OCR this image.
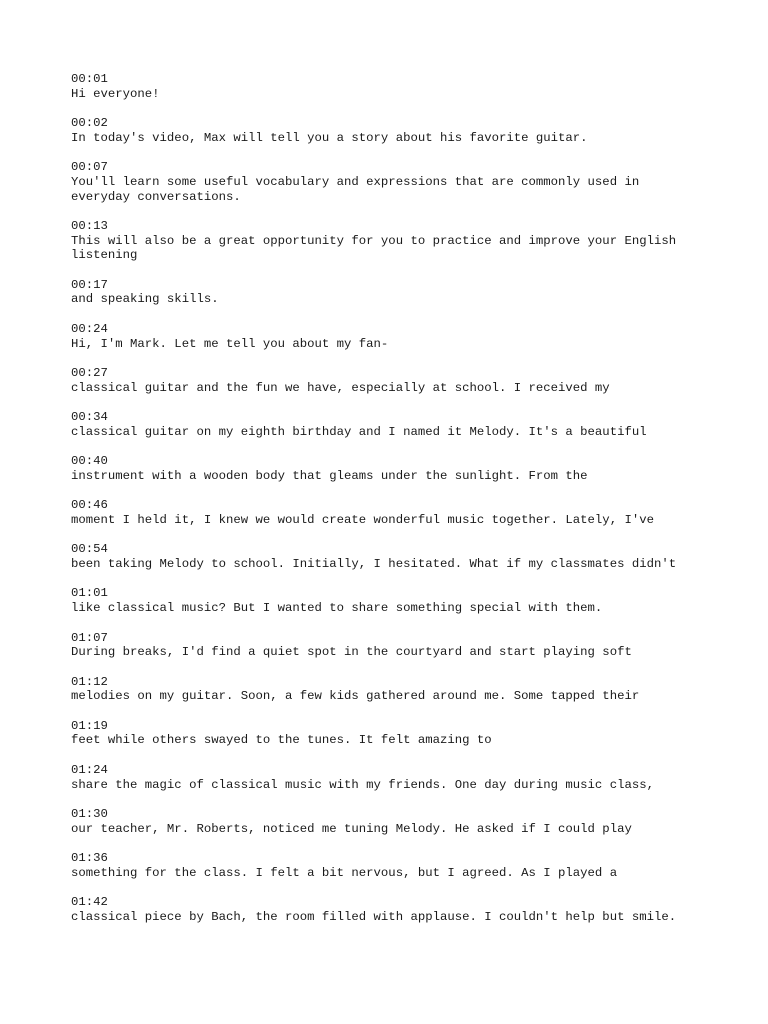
00:01
Hi everyone!
00:02
In today's video, Max will tell you a story about his favorite guitar.
00:07
You'll learn some useful vocabulary and expressions that are commonly used in
everyday conversations.
00:13
This will also be a great opportunity for you to practice and improve your English
listening
00:17
and speaking skills.
00:24
Hi, I'm Mark. Let me tell you about my fan-
00:27
classical guitar and the fun we have, especially at school. I received my
00:34
classical guitar on my eighth birthday and I named it Melody. It's a beautiful
00:40
instrument with a wooden body that gleams under the sunlight. From the
00:46
moment I held it, I knew we would create wonderful music together. Lately, I've
00:54
been taking Melody to school. Initially, I hesitated. What if my classmates didn't
01:01
like classical music? But I wanted to share something special with them.
01:07
During breaks, I'd find a quiet spot in the courtyard and start playing soft
01:12
melodies on my guitar. Soon, a few kids gathered around me. Some tapped their
01:19
feet while others swayed to the tunes. It felt amazing to
01:24
share the magic of classical music with my friends. One day during music class,
01:30
our teacher, Mr. Roberts, noticed me tuning Melody. He asked if I could play
01:36
something for the class. I felt a bit nervous, but I agreed. As I played a
01:42
classical piece by Bach, the room filled with applause. I couldn't help but smile.
